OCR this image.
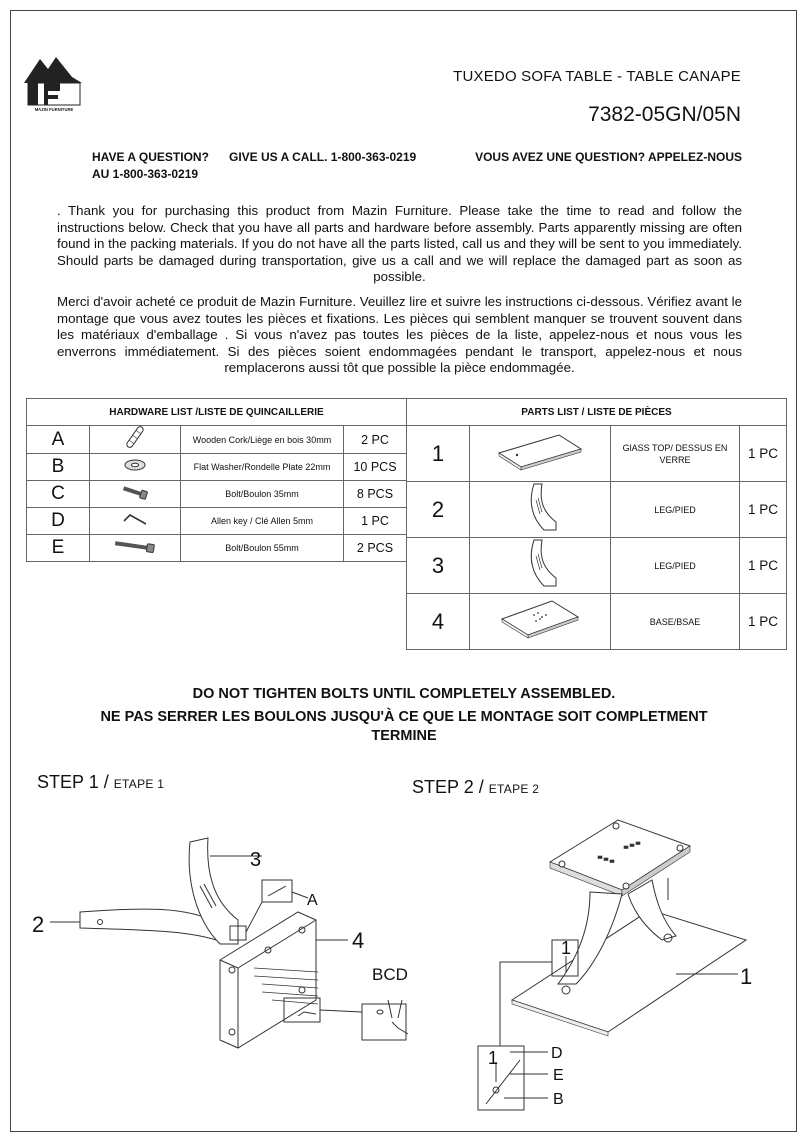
MAZIN FURNITURE
TUXEDO SOFA TABLE - TABLE CANAPE
7382-05GN/05N
HAVE A QUESTION? GIVE US A CALL. 1-800-363-0219	VOUS AVEZ UNE QUESTION? APPELEZ-NOUS
AU 1-800-363-0219
. Thank you for purchasing this product from Mazin Furniture. Please take the time to read and follow the instructions below. Check that you have all parts and hardware before assembly. Parts apparently missing are often found in the packing materials. If you do not have all the parts listed, call us and they will be sent to you immediately. Should parts be damaged during transportation, give us a call and we will replace the damaged part as soon as possible.
Merci d'avoir acheté ce produit de Mazin Furniture. Veuillez lire et suivre les instructions ci-dessous. Vérifiez avant le montage que vous avez toutes les pièces et fixations. Les pièces qui semblent manquer se trouvent souvent dans les matériaux d'emballage . Si vous n'avez pas toutes les pièces de la liste, appelez-nous et nous vous les enverrons immédiatement. Si des pièces soient endommagées pendant le transport, appelez-nous et nous remplacerons aussi tôt que possible la pièce endommagée.
HARDWARE LIST /LISTE DE QUINCAILLERIE			
A		Wooden Cork/Liège en bois 30mm	2 PC
B		Flat Washer/Rondelle Plate 22mm	10 PCS
C		Bolt/Boulon 35mm	8 PCS
D		Allen key / Clé Allen 5mm	1 PC
E		Bolt/Boulon 55mm	2 PCS
PARTS LIST / LISTE DE PIÈCES			
1		GlASS TOP/ DESSUS EN VERRE	1 PC
2		LEG/PIED	1 PC
3		LEG/PIED	1 PC
4		BASE/BSAE	1 PC
DO NOT TIGHTEN BOLTS UNTIL COMPLETELY ASSEMBLED.
NE PAS SERRER LES BOULONS JUSQU'À CE QUE LE MONTAGE SOIT COMPLETMENT TERMINE
STEP 1 / ETAPE 1	STEP 2 / ETAPE 2
2
3
4
A
BCD	1
1
1	D
E
B
